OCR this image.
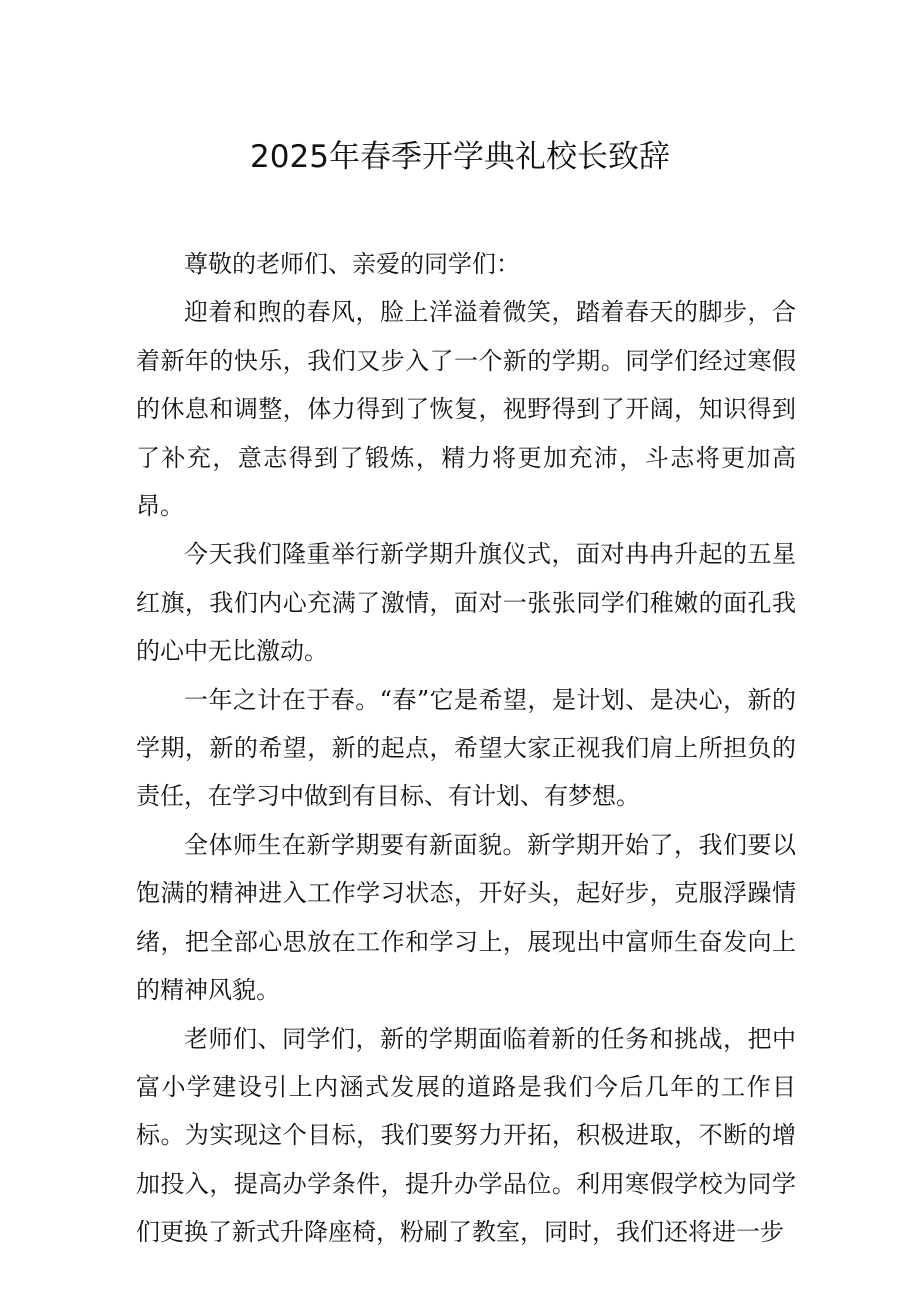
2025年春季开学典礼校长致辞

尊敬的老师们、亲爱的同学们：

迎着和煦的春风，脸上洋溢着微笑，踏着春天的脚步，合着新年的快乐，我们又步入了一个新的学期。同学们经过寒假的休息和调整，体力得到了恢复，视野得到了开阔，知识得到了补充，意志得到了锻炼，精力将更加充沛，斗志将更加高昂。

今天我们隆重举行新学期升旗仪式，面对冉冉升起的五星红旗，我们内心充满了激情，面对一张张同学们稚嫩的面孔我的心中无比激动。

一年之计在于春。“春”它是希望，是计划、是决心，新的学期，新的希望，新的起点，希望大家正视我们肩上所担负的责任，在学习中做到有目标、有计划、有梦想。

全体师生在新学期要有新面貌。新学期开始了，我们要以饱满的精神进入工作学习状态，开好头，起好步，克服浮躁情绪，把全部心思放在工作和学习上，展现出中富师生奋发向上的精神风貌。

老师们、同学们，新的学期面临着新的任务和挑战，把中富小学建设引上内涵式发展的道路是我们今后几年的工作目标。为实现这个目标，我们要努力开拓，积极进取，不断的增加投入，提高办学条件，提升办学品位。利用寒假学校为同学们更换了新式升降座椅，粉刷了教室，同时，我们还将进一步
